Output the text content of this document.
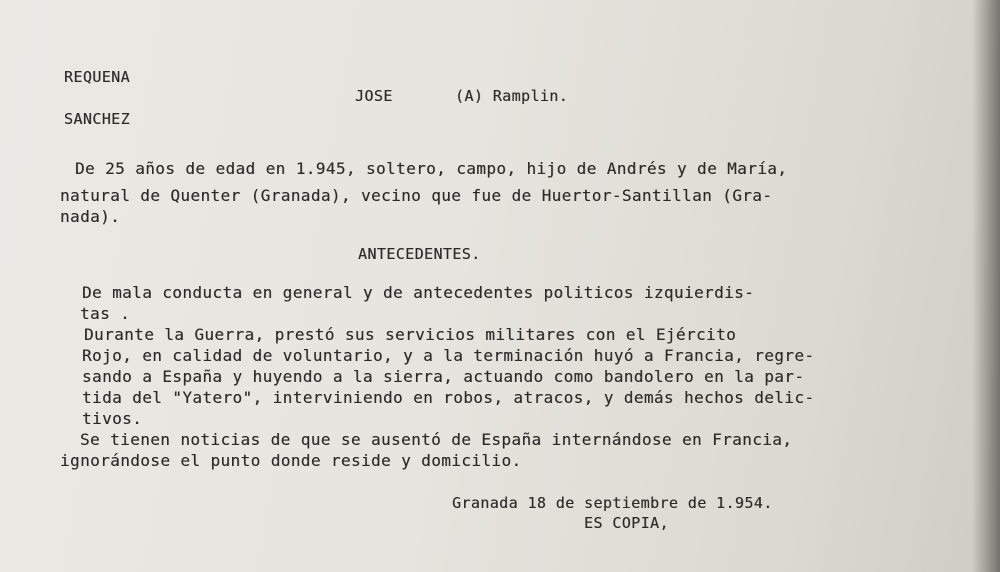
REQUENA
SANCHEZ
JOSE	(A) Ramplin.
De 25 años de edad en 1.945, soltero, campo, hijo de Andrés y de María,
natural de Quenter (Granada), vecino que fue de Huertor-Santillan (Gra-
nada).
ANTECEDENTES.
De mala conducta en general y de antecedentes politicos izquierdis-
tas .
Durante la Guerra, prestó sus servicios militares con el Ejército
Rojo, en calidad de voluntario, y a la terminación huyó a Francia, regre-
sando a España y huyendo a la sierra, actuando como bandolero en la par-
tida del "Yatero", interviniendo en robos, atracos, y demás hechos delic-
tivos.
Se tienen noticias de que se ausentó de España internándose en Francia,
ignorándose el punto donde reside y domicilio.
Granada 18 de septiembre de 1.954.
ES COPIA,
